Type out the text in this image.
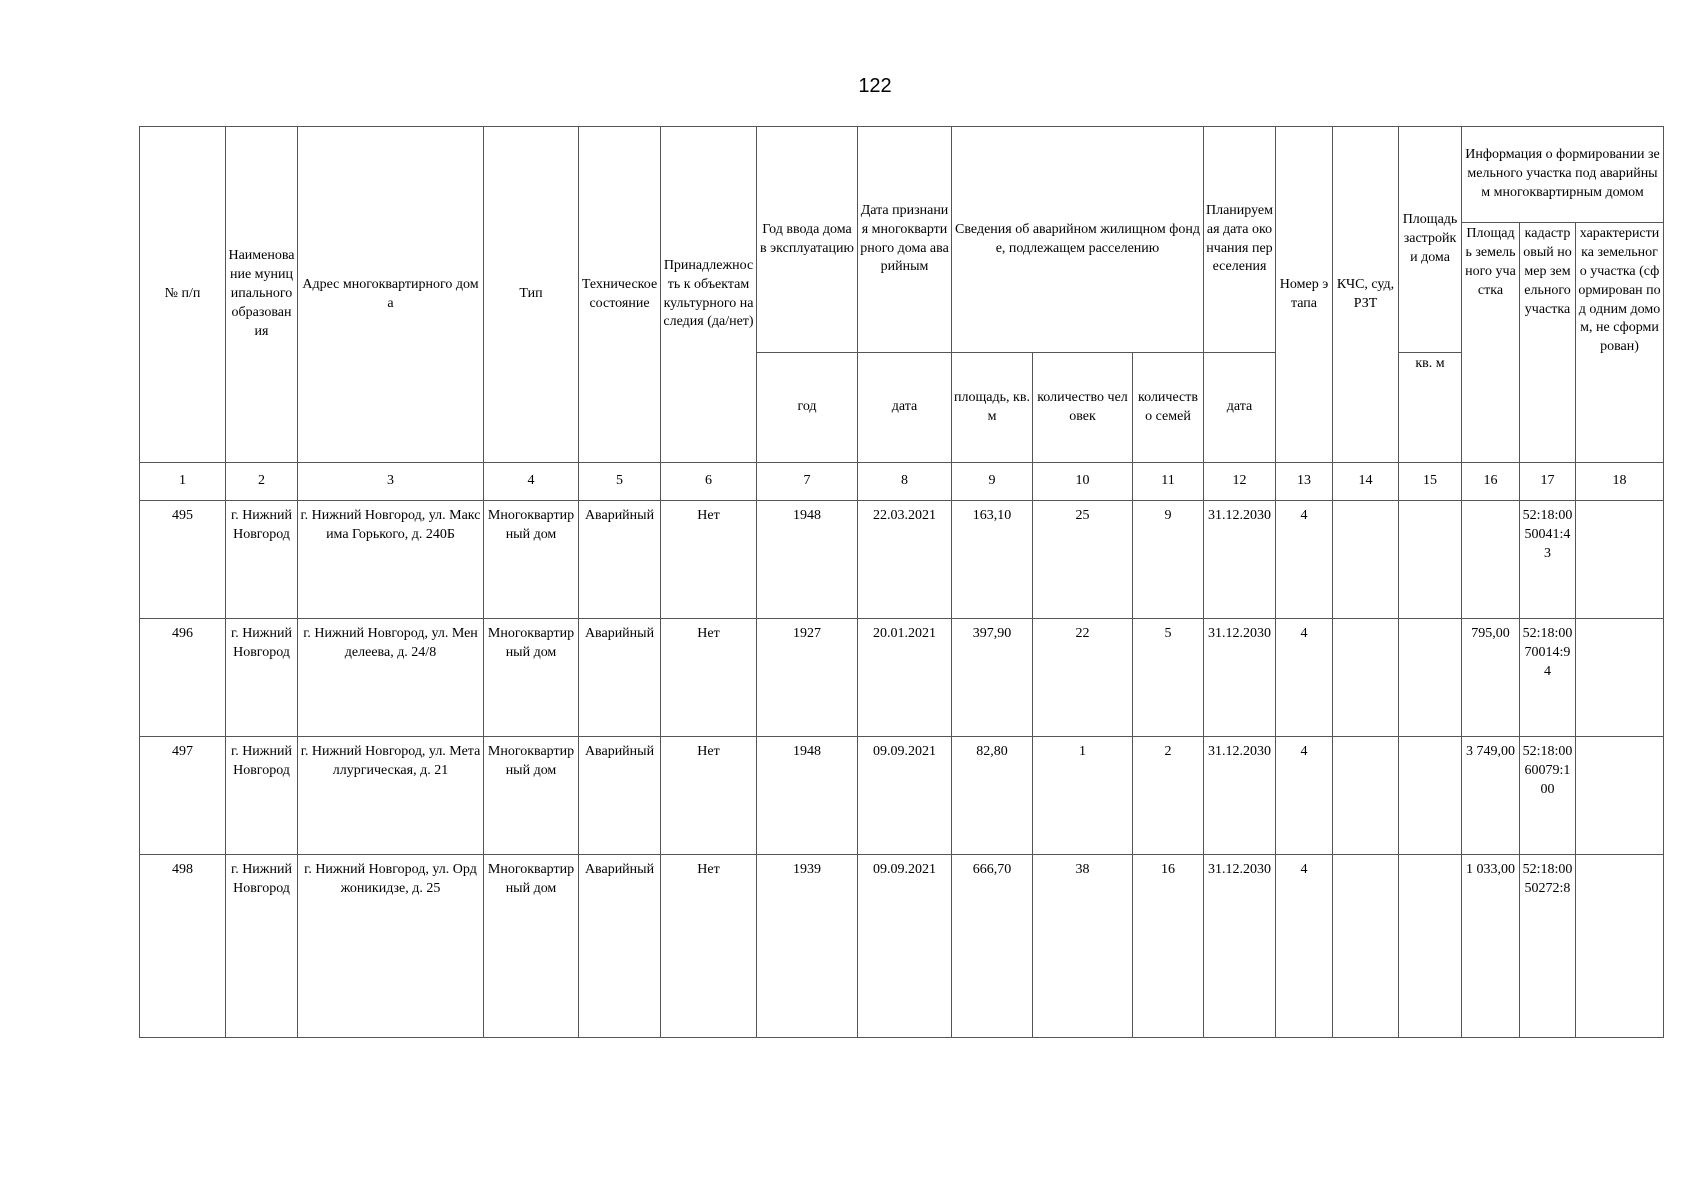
122
№ п/п	Наименование муниципального образования	Адрес многоквартирного дома	Тип	Техническое состояние	Принадлежность к объектам культурного наследия (да/нет)	Год ввода дома в эксплуатацию	Дата признания многоквартирного дома аварийным	Сведения об аварийном жилищном фонде, подлежащем расселению			Планируемая дата окончания переселения	Номер этапа	КЧС, суд, РЗТ	Площадь застройки дома	Информация о формировании земельного участка под аварийным многоквартирным домом		
															Площадь земельного участка	кадастровый номер земельного участка	характеристика земельного участка (сформирован под одним домом, не сформирован)
						год	дата	площадь, кв.м	количество человек	количество семей	дата			кв. м			
1	2	3	4	5	6	7	8	9	10	11	12	13	14	15	16	17	18
495	г. Нижний Новгород	г. Нижний Новгород, ул. Максима Горького, д. 240Б	Многоквартирный дом	Аварийный	Нет	1948	22.03.2021	163,10	25	9	31.12.2030	4				52:18:0050041:43	
496	г. Нижний Новгород	г. Нижний Новгород, ул. Менделеева, д. 24/8	Многоквартирный дом	Аварийный	Нет	1927	20.01.2021	397,90	22	5	31.12.2030	4			795,00	52:18:0070014:94	
497	г. Нижний Новгород	г. Нижний Новгород, ул. Металлургическая, д. 21	Многоквартирный дом	Аварийный	Нет	1948	09.09.2021	82,80	1	2	31.12.2030	4			3 749,00	52:18:0060079:100	
498	г. Нижний Новгород	г. Нижний Новгород, ул. Орджоникидзе, д. 25	Многоквартирный дом	Аварийный	Нет	1939	09.09.2021	666,70	38	16	31.12.2030	4			1 033,00	52:18:0050272:8	
